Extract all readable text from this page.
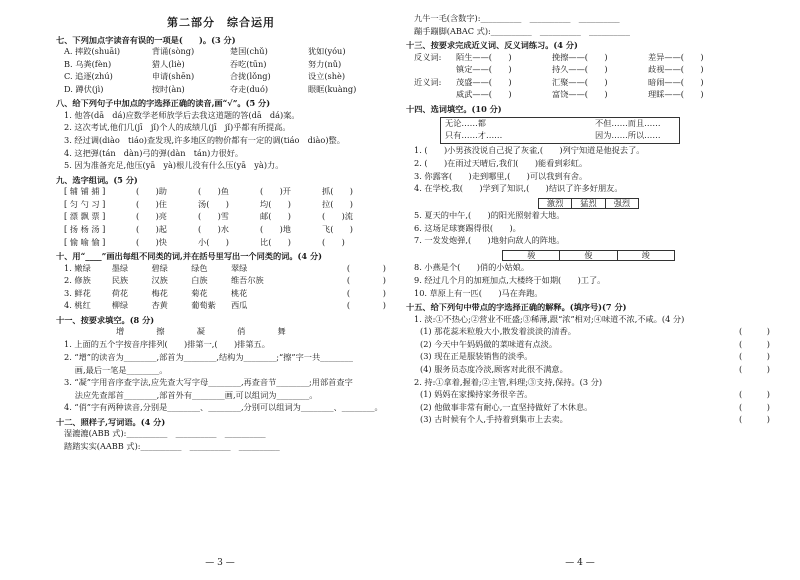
第二部分　综合运用
七、下列加点字读音有误的一项是(　　)。(3 分)
A. 摔跤(shuāi)	背诵(sòng)	楚国(chǔ)	犹如(yóu)
B. 乌粪(fèn)	猎人(liè)	吞吃(tūn)	努力(nǔ)
C. 追逐(zhú)	申请(shēn)	合拢(lǒng)	设立(shè)
D. 蹲伏(jì)	按时(àn)	夺走(duó)	眼眶(kuàng)
八、给下列句子中加点的字选择正确的读音,画“√”。(5 分)
1. 他答(dā　dá)应数学老师放学后去我这道题的答(dā　dá)案。
2. 这次考试,他们几(jī　jǐ)个人的成绩几(jī　jǐ)乎都有所提高。
3. 经过调(diào　tiáo)查发现,许多地区的物价都有一定的调(tiáo　diào)整。
4. 这把弹(tán　dàn)弓的弹(dàn　tán)力很好。
5. 因为准备充足,他压(yā　yà)根儿没有什么压(yā　yà)力。
九、选字组词。(5 分)
[ 辅 铺 捕 ]	(　　)助	(　　)鱼	(　　)开	抓(　　)
[ 匀 勺 习 ]	(　　)住	汤(　　)	均(　　)	拉(　　)
[ 漂 飘 票 ]	(　　)亮	(　　)雪	邮(　　)	(　　)流
[ 扬 杨 汤 ]	(　　)起	(　　)水	(　　)地	飞(　　)
[ 愉 喻 愉 ]	(　　)快	小(　　)	比(　　)	(　　)
十、用“____”画出每组不同类的词,并在括号里写出一个同类的词。(4 分)
1. 嫩绿	墨绿	碧绿	绿色	翠绿	(　　　　)
2. 修族	民族	汉族	白族	维吾尔族	(　　　　)
3. 鲜花	荷花	梅花	菊花	桃花	(　　　　)
4. 桃红	柳绿	杏黄	葡萄紫	西瓜	(　　　　)
十一、按要求填空。(8 分)
增　擦　凝　俏　舞
1. 上面的五个字按音序排列(　　)排第一,(　　)排第五。
2. “增”的读音为________,部首为________,结构为________;“擦”字一共________
　 画,最后一笔是________。
3. “凝”字用音序查字法,应先查大写字母________,再查音节________;用部首查字
　 法应先查部首________,部首外有________画,可以组词为________。
4. “俏”字有两种读音,分别是________、________,分别可以组词为________、________。
十二、照样子,写词语。(4 分)
湿漉漉(ABB 式):__________　__________　__________
踏踏实实(AABB 式):__________　__________　__________
— 3 —
九牛一毛(含数字):__________　__________　__________
蹦手蹦脚(ABAC 式):__________　__________　__________
十三、按要求完成近义词、反义词练习。(4 分)
反义词:	陌生——(　　)	挽擦——(　　)	差异——(　　)
镇定——(　　)	持久——(　　)	歧视——(　　)
近义词:	茂盛——(　　)	汇聚——(　　)	暗闹——(　　)
威武——(　　)	富饶——(　　)	理睬——(　　)
十四、选词填空。(10 分)
无论……都	不但……而且……
只有……才……	因为……所以……
1. (　　)小男孩没说自己捉了灰雀,(　　)列宁知道是他捉去了。
2. (　　)在雨过天晴后,我们(　　)能看到彩虹。
3. 你露客(　　)走到哪里,(　　)可以我到有舍。
4. 在学校,我(　　)学到了知识,(　　)结识了许多好朋友。
激烈	猛烈	强烈
5. 夏天的中午,(　　)的阳光照射着大地。
6. 这场足球赛踢得很(　　)。
7. 一发发炮弹,(　　)地射向敌人的阵地。
骏	俊	竣
8. 小燕是个(　　)俏的小姑娘。
9. 经过几个月的加班加点,大楼终于如期(　　)工了。
10. 草原上有一匹(　　)马在奔跑。
十五、给下列句中带点的字选择正确的解释。(填序号)(7 分)
1. 淡:①不热心;②营业不旺盛;③稀薄,跟“浓”相对;④味道不浓,不咸。(4 分)
(1) 那花蕊米粒般大小,散发着淡淡的清香。	(　　　)
(2) 今天中午妈妈做的菜味道有点淡。	(　　　)
(3) 现在正是服装销售的淡季。	(　　　)
(4) 服务员态度冷淡,顾客对此很不满意。	(　　　)
2. 持:①拿着,握着;②主管,料理;③支持,保持。(3 分)
(1) 妈妈在家操持家务很辛苦。	(　　　)
(2) 他做事非常有耐心,一直坚持做好了木休息。	(　　　)
(3) 古时候有个人,手持着到集市上去卖。	(　　　)
— 4 —
